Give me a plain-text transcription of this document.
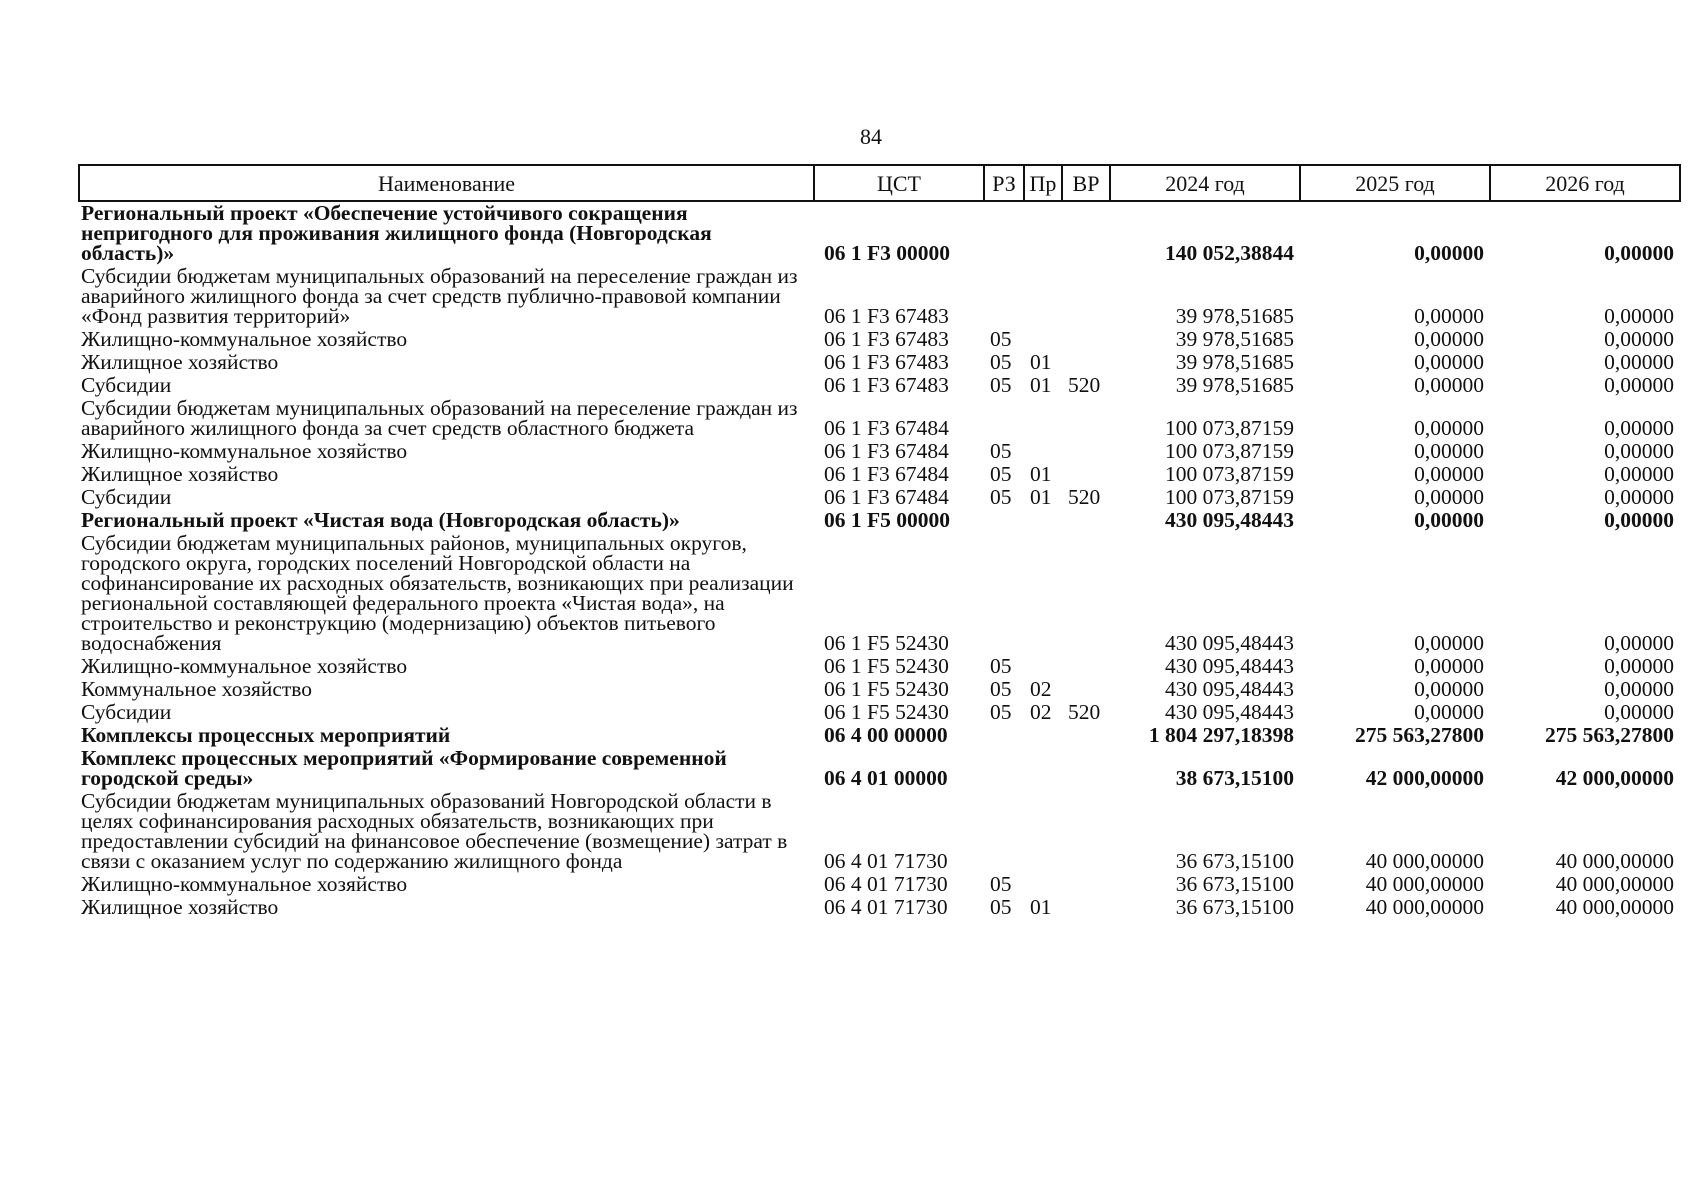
84
Наименование	ЦСТ	РЗ	Пр	ВР	2024 год	2025 год	2026 год
Региональный проект «Обеспечение устойчивого сокращения непригодного для проживания жилищного фонда (Новгородская область)»	06 1 F3 00000				140 052,38844	0,00000	0,00000
Субсидии бюджетам муниципальных образований на переселение граждан из аварийного жилищного фонда за счет средств публично-правовой компании «Фонд развития территорий»	06 1 F3 67483				39 978,51685	0,00000	0,00000
Жилищно-коммунальное хозяйство	06 1 F3 67483	05			39 978,51685	0,00000	0,00000
Жилищное хозяйство	06 1 F3 67483	05	01		39 978,51685	0,00000	0,00000
Субсидии	06 1 F3 67483	05	01	520	39 978,51685	0,00000	0,00000
Субсидии бюджетам муниципальных образований на переселение граждан из аварийного жилищного фонда за счет средств областного бюджета	06 1 F3 67484				100 073,87159	0,00000	0,00000
Жилищно-коммунальное хозяйство	06 1 F3 67484	05			100 073,87159	0,00000	0,00000
Жилищное хозяйство	06 1 F3 67484	05	01		100 073,87159	0,00000	0,00000
Субсидии	06 1 F3 67484	05	01	520	100 073,87159	0,00000	0,00000
Региональный проект «Чистая вода (Новгородская область)»	06 1 F5 00000				430 095,48443	0,00000	0,00000
Субсидии бюджетам муниципальных районов, муниципальных округов, городского округа, городских поселений Новгородской области на софинансирование их расходных обязательств, возникающих при реализации региональной составляющей федерального проекта «Чистая вода», на строительство и реконструкцию (модернизацию) объектов питьевого водоснабжения	06 1 F5 52430				430 095,48443	0,00000	0,00000
Жилищно-коммунальное хозяйство	06 1 F5 52430	05			430 095,48443	0,00000	0,00000
Коммунальное хозяйство	06 1 F5 52430	05	02		430 095,48443	0,00000	0,00000
Субсидии	06 1 F5 52430	05	02	520	430 095,48443	0,00000	0,00000
Комплексы процессных мероприятий	06 4 00 00000				1 804 297,18398	275 563,27800	275 563,27800
Комплекс процессных мероприятий «Формирование современной городской среды»	06 4 01 00000				38 673,15100	42 000,00000	42 000,00000
Субсидии бюджетам муниципальных образований Новгородской области в целях софинансирования расходных обязательств, возникающих при предоставлении субсидий на финансовое обеспечение (возмещение) затрат в связи с оказанием услуг по содержанию жилищного фонда	06 4 01 71730				36 673,15100	40 000,00000	40 000,00000
Жилищно-коммунальное хозяйство	06 4 01 71730	05			36 673,15100	40 000,00000	40 000,00000
Жилищное хозяйство	06 4 01 71730	05	01		36 673,15100	40 000,00000	40 000,00000
